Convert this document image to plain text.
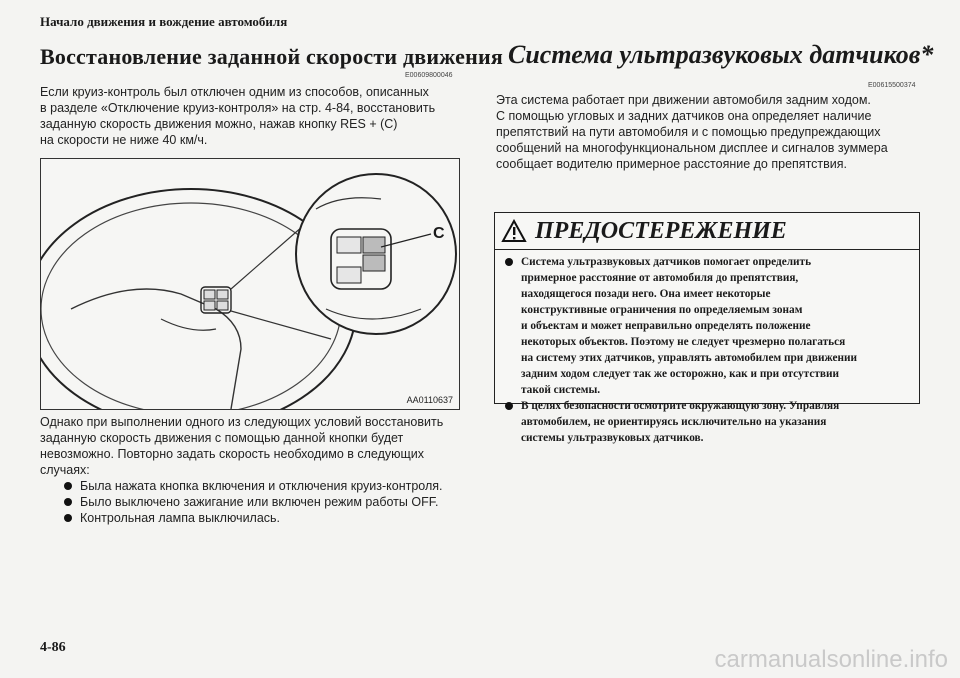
Начало движения и вождение автомобиля
Восстановление заданной скорости движения
E00609800046
Если круиз-контроль был отключен одним из способов, описанных
в разделе «Отключение круиз-контроля» на стр. 4-84, восстановить
заданную скорость движения можно, нажав кнопку RES + (C)
на скорости не ниже 40 км/ч.
C
AA0110637
Однако при выполнении одного из следующих условий восстановить
заданную скорость движения с помощью данной кнопки будет
невозможно. Повторно задать скорость необходимо в следующих
случаях:
Была нажата кнопка включения и отключения круиз-контроля.
Было выключено зажигание или включен режим работы OFF.
Контрольная лампа выключилась.
4-86
Система ультразвуковых датчиков*
E00615500374
Эта система работает при движении автомобиля задним ходом.
С помощью угловых и задних датчиков она определяет наличие
препятствий на пути автомобиля и с помощью предупреждающих
сообщений на многофункциональном дисплее и сигналов зуммера
сообщает водителю примерное расстояние до препятствия.
ПРЕДОСТЕРЕЖЕНИЕ
Система ультразвуковых датчиков помогает определить
примерное расстояние от автомобиля до препятствия,
находящегося позади него. Она имеет некоторые
конструктивные ограничения по определяемым зонам
и объектам и может неправильно определять положение
некоторых объектов. Поэтому не следует чрезмерно полагаться
на систему этих датчиков, управлять автомобилем при движении
задним ходом следует так же осторожно, как и при отсутствии
такой системы.
В целях безопасности осмотрите окружающую зону. Управляя
автомобилем, не ориентируясь исключительно на указания
системы ультразвуковых датчиков.
carmanualsonline.info
